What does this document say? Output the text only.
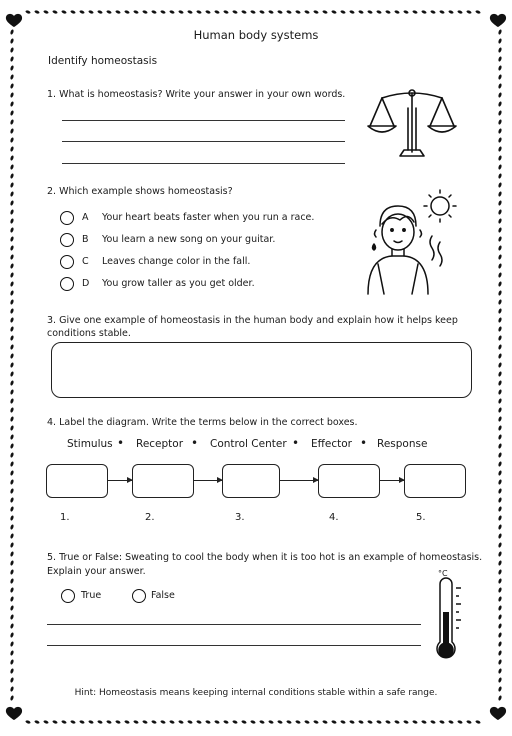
Human body systems
Identify homeostasis
1. What is homeostasis? Write your answer in your own words.
2. Which example shows homeostasis?
A Your heart beats faster when you run a race.
B You learn a new song on your guitar.
C Leaves change color in the fall.
D You grow taller as you get older.
3. Give one example of homeostasis in the human body and explain how it helps keep
conditions stable.
4. Label the diagram. Write the terms below in the correct boxes.
Stimulus • Receptor • Control Center • Effector • Response
1.	2.	3.	4.	5.
5. True or False: Sweating to cool the body when it is too hot is an example of homeostasis.
Explain your answer.
True	False
°C
Hint: Homeostasis means keeping internal conditions stable within a safe range.
